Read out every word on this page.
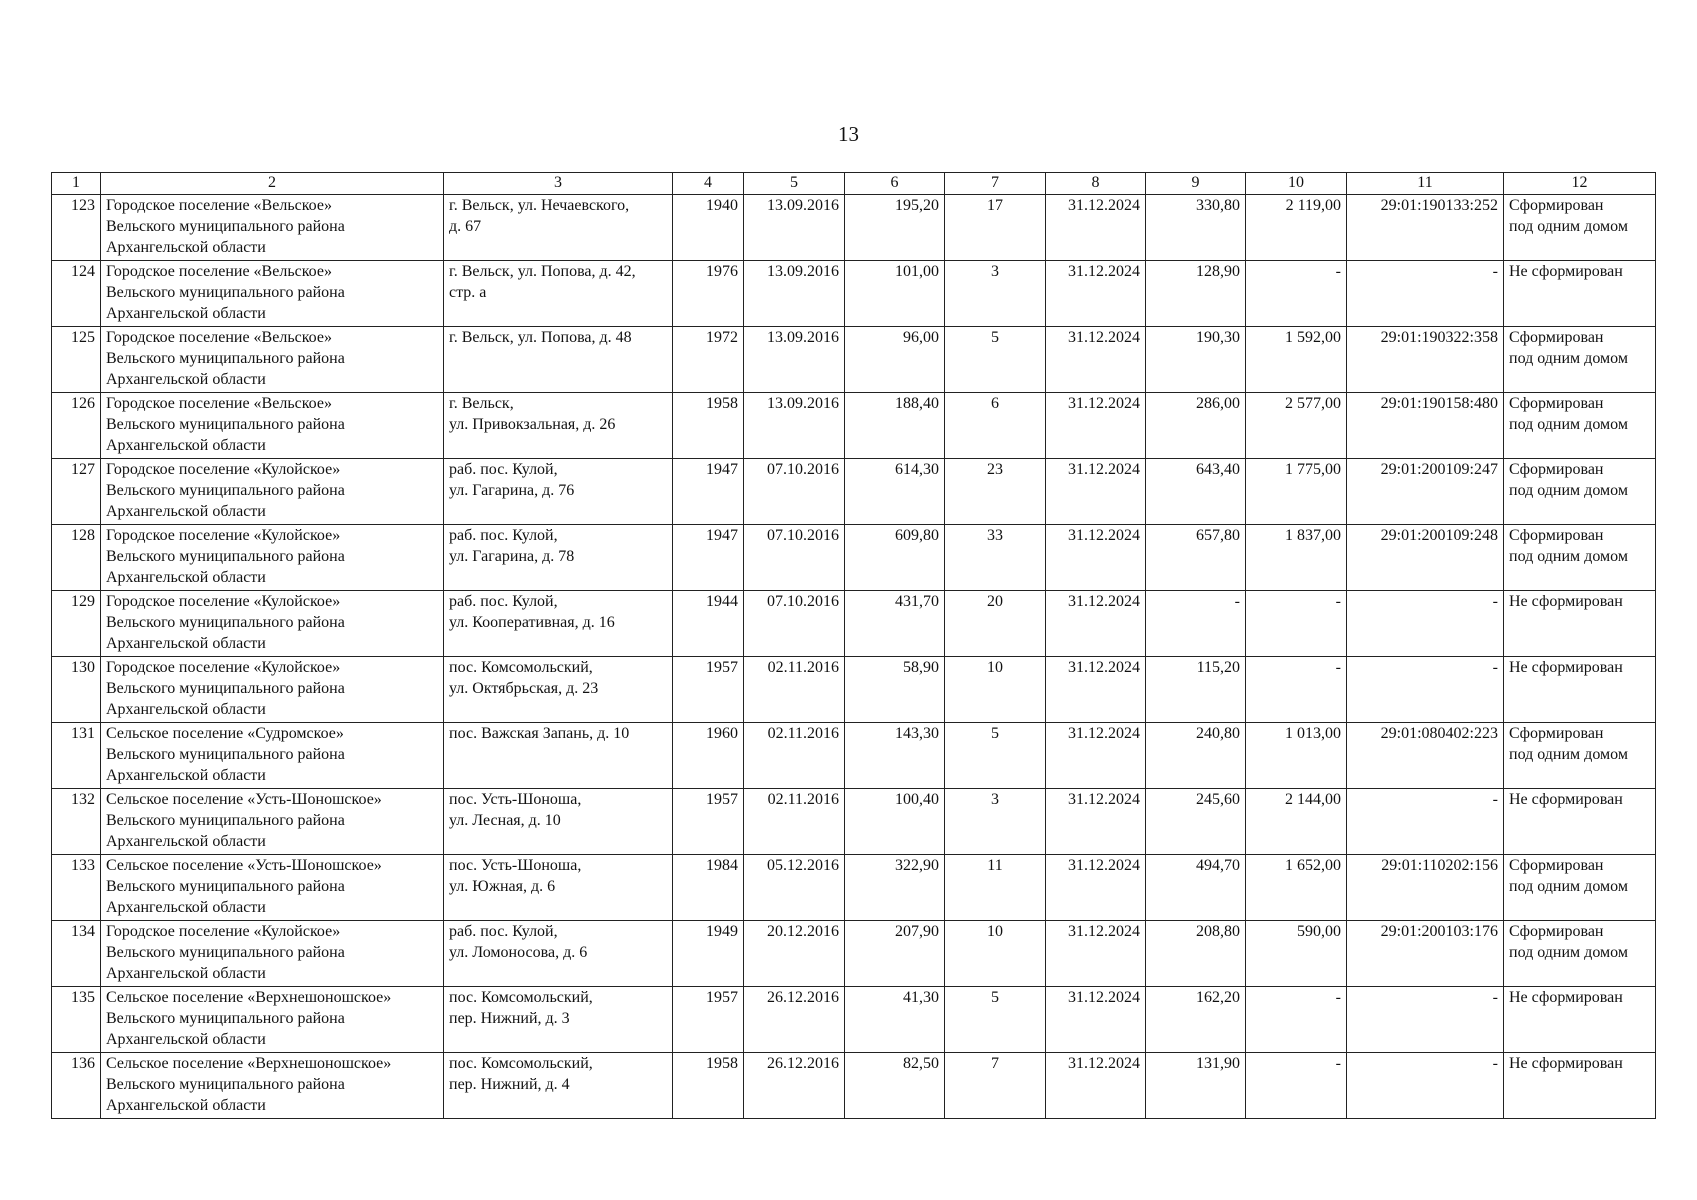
13
1	2	3	4	5	6	7	8	9	10	11	12
123	Городское поселение «Вельское»
Вельского муниципального района
Архангельской области	г. Вельск, ул. Нечаевского,
д. 67	1940	13.09.2016	195,20	17	31.12.2024	330,80	2 119,00	29:01:190133:252	Сформирован
под одним домом

124	Городское поселение «Вельское»
Вельского муниципального района
Архангельской области	г. Вельск, ул. Попова, д. 42,
стр. а	1976	13.09.2016	101,00	3	31.12.2024	128,90	-	-	Не сформирован

125	Городское поселение «Вельское»
Вельского муниципального района
Архангельской области	г. Вельск, ул. Попова, д. 48	1972	13.09.2016	96,00	5	31.12.2024	190,30	1 592,00	29:01:190322:358	Сформирован
под одним домом

126	Городское поселение «Вельское»
Вельского муниципального района
Архангельской области	г. Вельск,
ул. Привокзальная, д. 26	1958	13.09.2016	188,40	6	31.12.2024	286,00	2 577,00	29:01:190158:480	Сформирован
под одним домом

127	Городское поселение «Кулойское»
Вельского муниципального района
Архангельской области	раб. пос. Кулой,
ул. Гагарина, д. 76	1947	07.10.2016	614,30	23	31.12.2024	643,40	1 775,00	29:01:200109:247	Сформирован
под одним домом

128	Городское поселение «Кулойское»
Вельского муниципального района
Архангельской области	раб. пос. Кулой,
ул. Гагарина, д. 78	1947	07.10.2016	609,80	33	31.12.2024	657,80	1 837,00	29:01:200109:248	Сформирован
под одним домом

129	Городское поселение «Кулойское»
Вельского муниципального района
Архангельской области	раб. пос. Кулой,
ул. Кооперативная, д. 16	1944	07.10.2016	431,70	20	31.12.2024	-	-	-	Не сформирован

130	Городское поселение «Кулойское»
Вельского муниципального района
Архангельской области	пос. Комсомольский,
ул. Октябрьская, д. 23	1957	02.11.2016	58,90	10	31.12.2024	115,20	-	-	Не сформирован

131	Сельское поселение «Судромское»
Вельского муниципального района
Архангельской области	пос. Важская Запань, д. 10	1960	02.11.2016	143,30	5	31.12.2024	240,80	1 013,00	29:01:080402:223	Сформирован
под одним домом

132	Сельское поселение «Усть-Шоношское»
Вельского муниципального района
Архангельской области	пос. Усть-Шоноша,
ул. Лесная, д. 10	1957	02.11.2016	100,40	3	31.12.2024	245,60	2 144,00	-	Не сформирован

133	Сельское поселение «Усть-Шоношское»
Вельского муниципального района
Архангельской области	пос. Усть-Шоноша,
ул. Южная, д. 6	1984	05.12.2016	322,90	11	31.12.2024	494,70	1 652,00	29:01:110202:156	Сформирован
под одним домом

134	Городское поселение «Кулойское»
Вельского муниципального района
Архангельской области	раб. пос. Кулой,
ул. Ломоносова, д. 6	1949	20.12.2016	207,90	10	31.12.2024	208,80	590,00	29:01:200103:176	Сформирован
под одним домом

135	Сельское поселение «Верхнешоношское»
Вельского муниципального района
Архангельской области	пос. Комсомольский,
пер. Нижний, д. 3	1957	26.12.2016	41,30	5	31.12.2024	162,20	-	-	Не сформирован

136	Сельское поселение «Верхнешоношское»
Вельского муниципального района
Архангельской области	пос. Комсомольский,
пер. Нижний, д. 4	1958	26.12.2016	82,50	7	31.12.2024	131,90	-	-	Не сформирован
